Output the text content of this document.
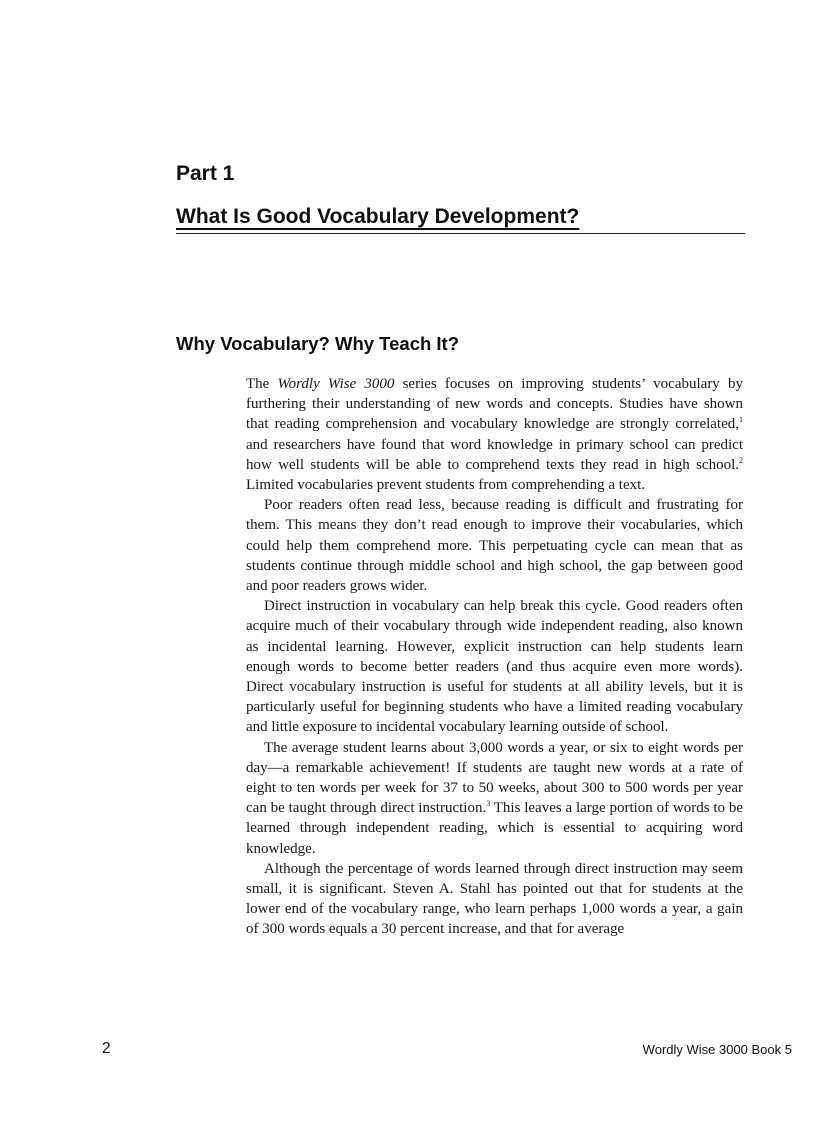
Part 1
What Is Good Vocabulary Development?
Why Vocabulary? Why Teach It?

The Wordly Wise 3000 series focuses on improving students’ vocabulary by furthering their understanding of new words and concepts. Studies have shown that reading comprehension and vocabulary knowledge are strongly correlated,$^1$ and researchers have found that word knowledge in primary school can predict how well students will be able to comprehend texts they read in high school.$^2$ Limited vocabularies prevent students from comprehending a text.

Poor readers often read less, because reading is difficult and frustrating for them. This means they don’t read enough to improve their vocabularies, which could help them comprehend more. This perpetuating cycle can mean that as students continue through middle school and high school, the gap between good and poor readers grows wider.

Direct instruction in vocabulary can help break this cycle. Good readers often acquire much of their vocabulary through wide independent reading, also known as incidental learning. However, explicit instruction can help students learn enough words to become better readers (and thus acquire even more words). Direct vocabulary instruction is useful for students at all ability levels, but it is particularly useful for beginning students who have a limited reading vocabulary and little exposure to incidental vocabulary learning outside of school.

The average student learns about 3,000 words a year, or six to eight words per day—a remarkable achievement! If students are taught new words at a rate of eight to ten words per week for 37 to 50 weeks, about 300 to 500 words per year can be taught through direct instruction.$^3$ This leaves a large portion of words to be learned through independent reading, which is essential to acquiring word knowledge.

Although the percentage of words learned through direct instruction may seem small, it is significant. Steven A. Stahl has pointed out that for students at the lower end of the vocabulary range, who learn perhaps 1,000 words a year, a gain of 300 words equals a 30 percent increase, and that for average

2	Wordly Wise 3000 Book 5
